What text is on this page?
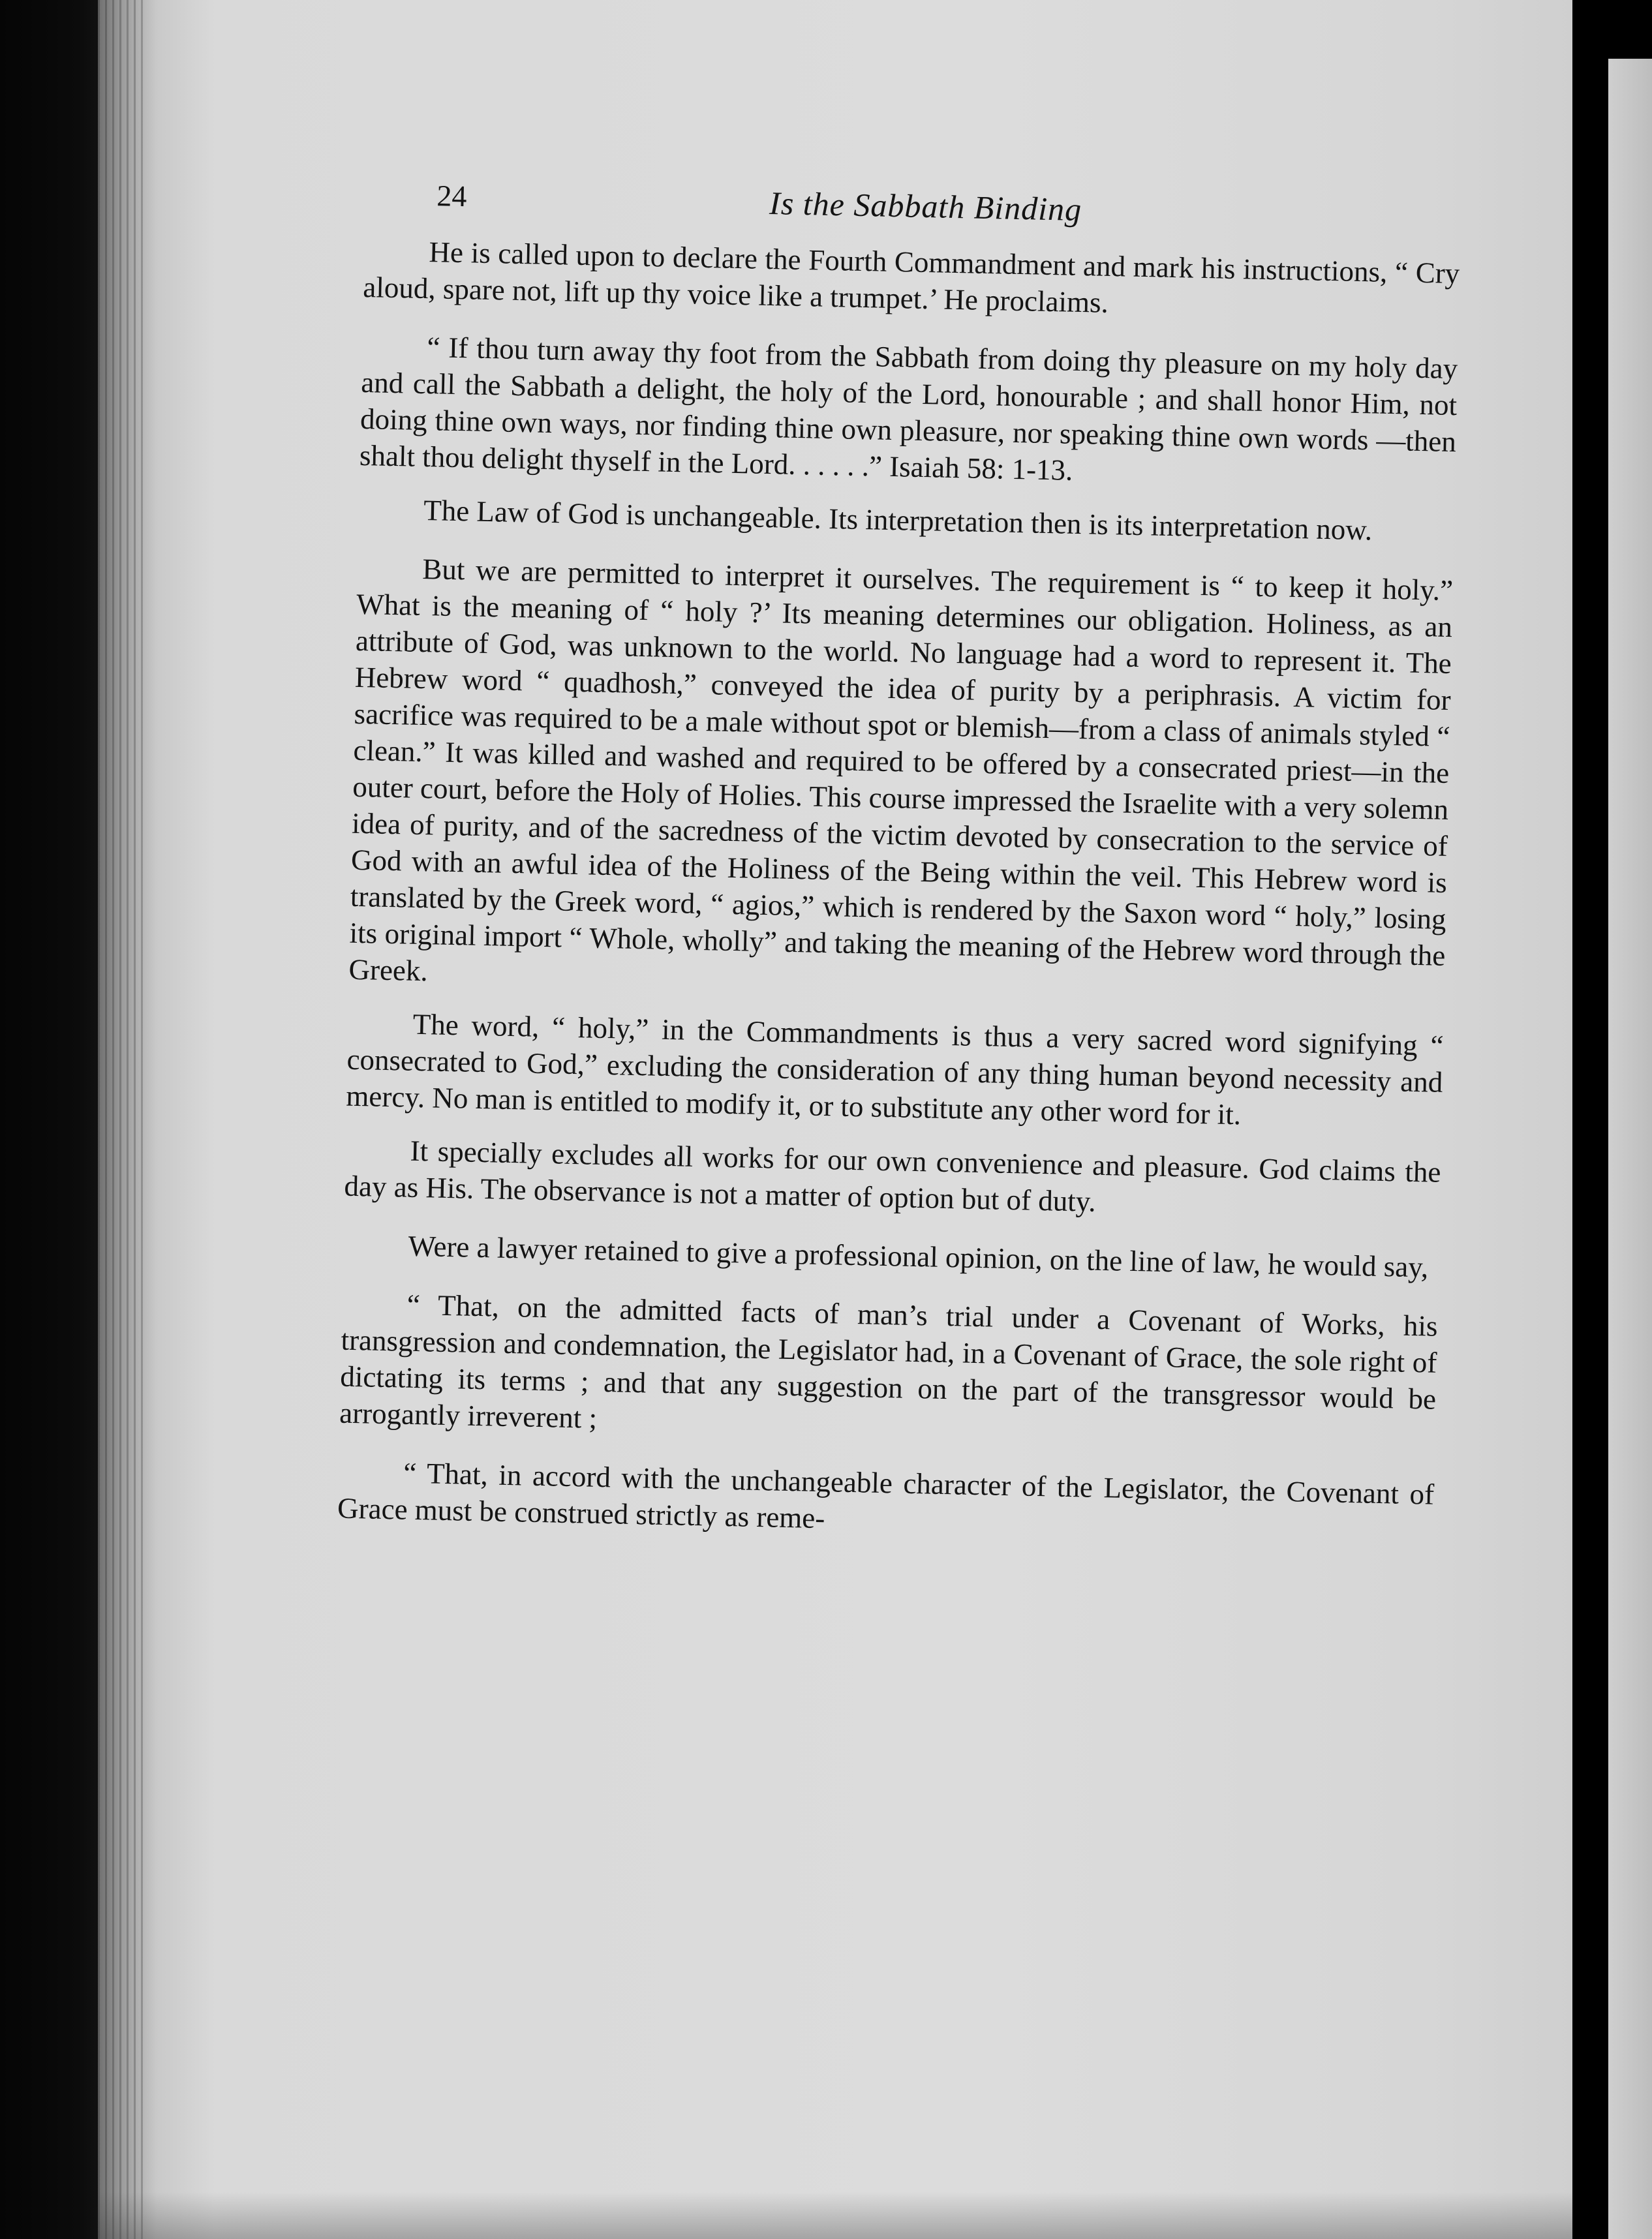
24	Is the Sabbath Binding

He is called upon to declare the Fourth Commandment and mark his instructions, “ Cry aloud, spare not, lift up thy voice like a trumpet.’ He proclaims.

“ If thou turn away thy foot from the Sabbath from doing thy pleasure on my holy day and call the Sabbath a delight, the holy of the Lord, honourable ; and shall honor Him, not doing thine own ways, nor finding thine own pleasure, nor speaking thine own words —then shalt thou delight thyself in the Lord. . . . . .” Isaiah 58: 1-13.

The Law of God is unchangeable. Its interpretation then is its interpretation now.

But we are permitted to interpret it ourselves. The requirement is “ to keep it holy.” What is the meaning of “ holy ?’ Its meaning determines our obligation. Holiness, as an attribute of God, was unknown to the world. No language had a word to represent it. The Hebrew word “ quadhosh,” conveyed the idea of purity by a periphrasis. A victim for sacrifice was required to be a male without spot or blemish—from a class of animals styled “ clean.” It was killed and washed and required to be offered by a consecrated priest—in the outer court, before the Holy of Holies. This course impressed the Israelite with a very solemn idea of purity, and of the sacredness of the victim devoted by consecration to the service of God with an awful idea of the Holiness of the Being within the veil. This Hebrew word is translated by the Greek word, “ agios,” which is rendered by the Saxon word “ holy,” losing its original import “ Whole, wholly” and taking the meaning of the Hebrew word through the Greek.

The word, “ holy,” in the Commandments is thus a very sacred word signifying “ consecrated to God,” excluding the consideration of any thing human beyond necessity and mercy. No man is entitled to modify it, or to substitute any other word for it.

It specially excludes all works for our own convenience and pleasure. God claims the day as His. The observance is not a matter of option but of duty.

Were a lawyer retained to give a professional opinion, on the line of law, he would say,

“ That, on the admitted facts of man’s trial under a Covenant of Works, his transgression and condemnation, the Legislator had, in a Covenant of Grace, the sole right of dictating its terms ; and that any suggestion on the part of the transgressor would be arrogantly irreverent ;

“ That, in accord with the unchangeable character of the Legislator, the Covenant of Grace must be construed strictly as reme-
